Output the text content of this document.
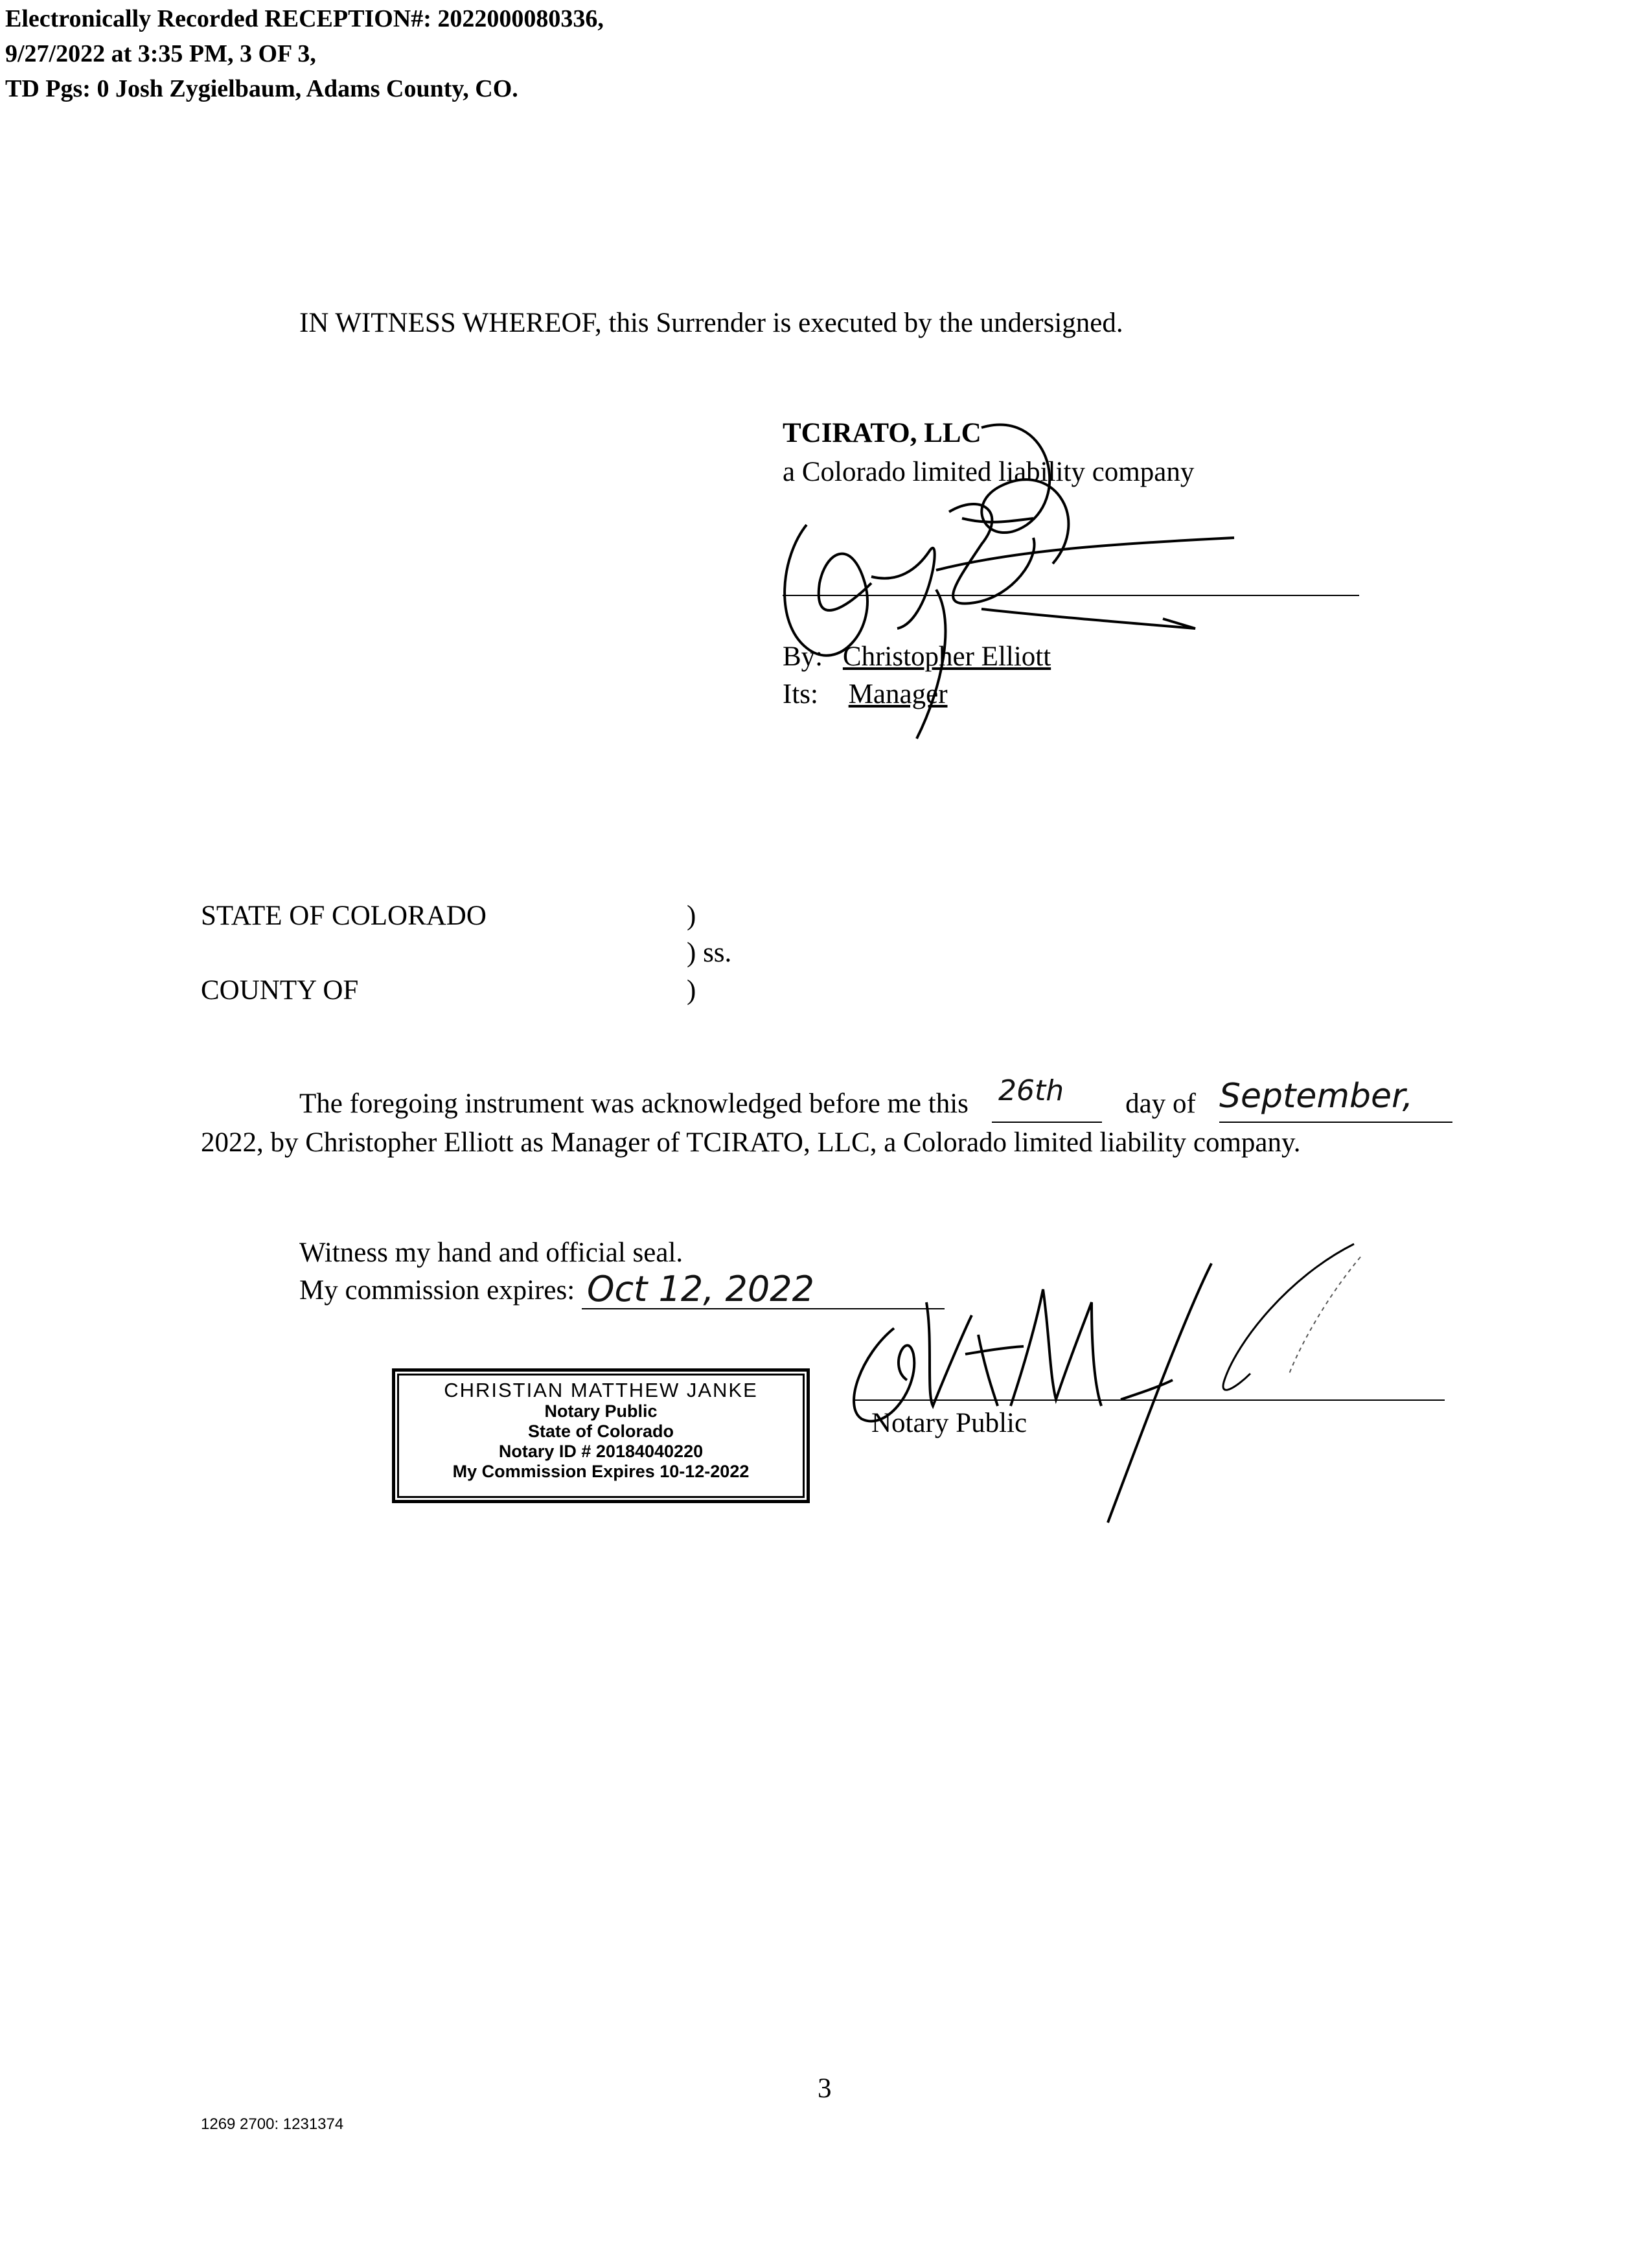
Electronically Recorded RECEPTION#: 2022000080336,
9/27/2022 at 3:35 PM, 3 OF 3,
TD Pgs: 0 Josh Zygielbaum, Adams County, CO.
IN WITNESS WHEREOF, this Surrender is executed by the undersigned.
TCIRATO, LLC
a Colorado limited liability company
By: Christopher Elliott
Its: Manager
STATE OF COLORADO	)
) ss.
COUNTY OF	)
The foregoing instrument was acknowledged before me this 26th day of September,
2022, by Christopher Elliott as Manager of TCIRATO, LLC, a Colorado limited liability company.
Witness my hand and official seal.
My commission expires: Oct 12, 2022
CHRISTIAN MATTHEW JANKE
Notary Public
State of Colorado
Notary ID # 20184040220
My Commission Expires 10-12-2022
Notary Public
3
1269 2700: 1231374
